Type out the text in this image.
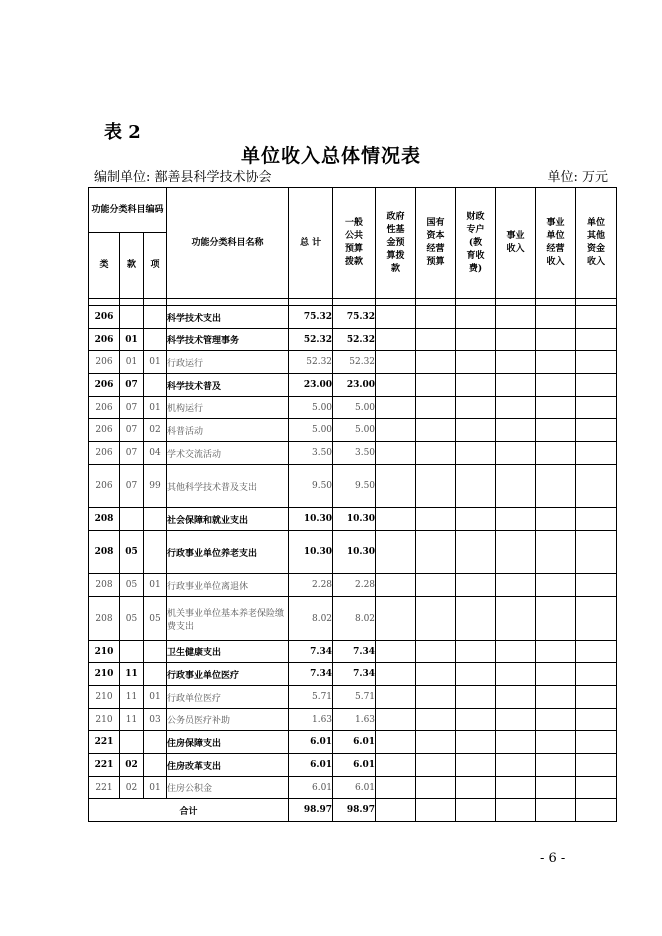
表 2
单位收入总体情况表
编制单位: 鄯善县科学技术协会	单位: 万元
功能分类科目编码			功能分类科目名称	总 计	一般公共预算拨款	政府性基金预算拨款	国有资本经营预算	财政专户(教育收费)	事业收入	事业单位经营收入	单位其他资金收入
类	款	项									

206			科学技术支出	75.32	75.32						
206	01		科学技术管理事务	52.32	52.32						
206	01	01	行政运行	52.32	52.32						
206	07		科学技术普及	23.00	23.00						
206	07	01	机构运行	5.00	5.00						
206	07	02	科普活动	5.00	5.00						
206	07	04	学术交流活动	3.50	3.50						
206	07	99	其他科学技术普及支出	9.50	9.50						
208			社会保障和就业支出	10.30	10.30						
208	05		行政事业单位养老支出	10.30	10.30						
208	05	01	行政事业单位离退休	2.28	2.28						
208	05	05	机关事业单位基本养老保险缴费支出	8.02	8.02						
210			卫生健康支出	7.34	7.34						
210	11		行政事业单位医疗	7.34	7.34						
210	11	01	行政单位医疗	5.71	5.71						
210	11	03	公务员医疗补助	1.63	1.63						
221			住房保障支出	6.01	6.01						
221	02		住房改革支出	6.01	6.01						
221	02	01	住房公积金	6.01	6.01						
合计				98.97	98.97						
- 6 -
